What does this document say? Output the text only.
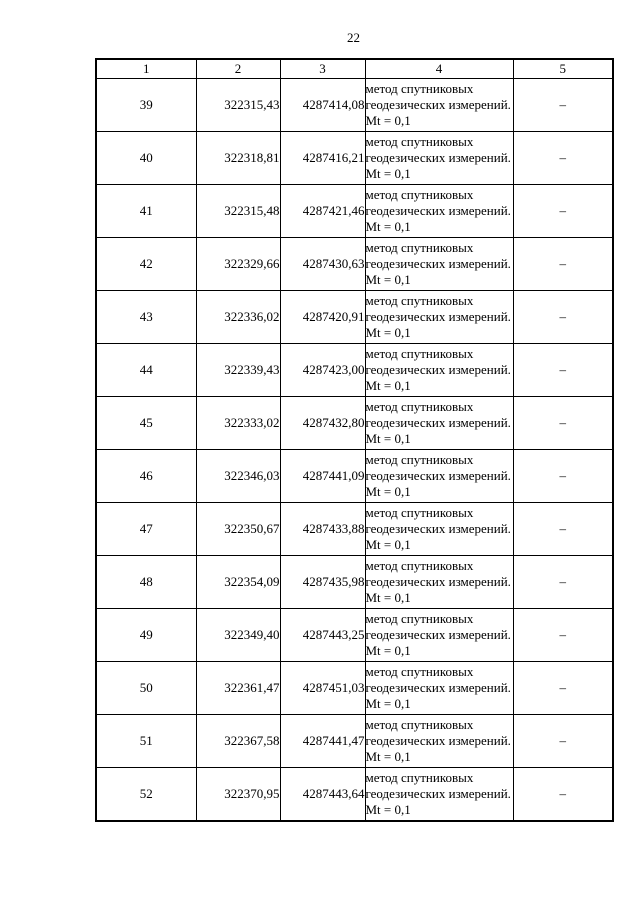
22
1	2	3	4	5
39	322315,43	4287414,08	метод спутниковых геодезических измерений. Mt = 0,1	–
40	322318,81	4287416,21	метод спутниковых геодезических измерений. Mt = 0,1	–
41	322315,48	4287421,46	метод спутниковых геодезических измерений. Mt = 0,1	–
42	322329,66	4287430,63	метод спутниковых геодезических измерений. Mt = 0,1	–
43	322336,02	4287420,91	метод спутниковых геодезических измерений. Mt = 0,1	–
44	322339,43	4287423,00	метод спутниковых геодезических измерений. Mt = 0,1	–
45	322333,02	4287432,80	метод спутниковых геодезических измерений. Mt = 0,1	–
46	322346,03	4287441,09	метод спутниковых геодезических измерений. Mt = 0,1	–
47	322350,67	4287433,88	метод спутниковых геодезических измерений. Mt = 0,1	–
48	322354,09	4287435,98	метод спутниковых геодезических измерений. Mt = 0,1	–
49	322349,40	4287443,25	метод спутниковых геодезических измерений. Mt = 0,1	–
50	322361,47	4287451,03	метод спутниковых геодезических измерений. Mt = 0,1	–
51	322367,58	4287441,47	метод спутниковых геодезических измерений. Mt = 0,1	–
52	322370,95	4287443,64	метод спутниковых геодезических измерений. Mt = 0,1	–
